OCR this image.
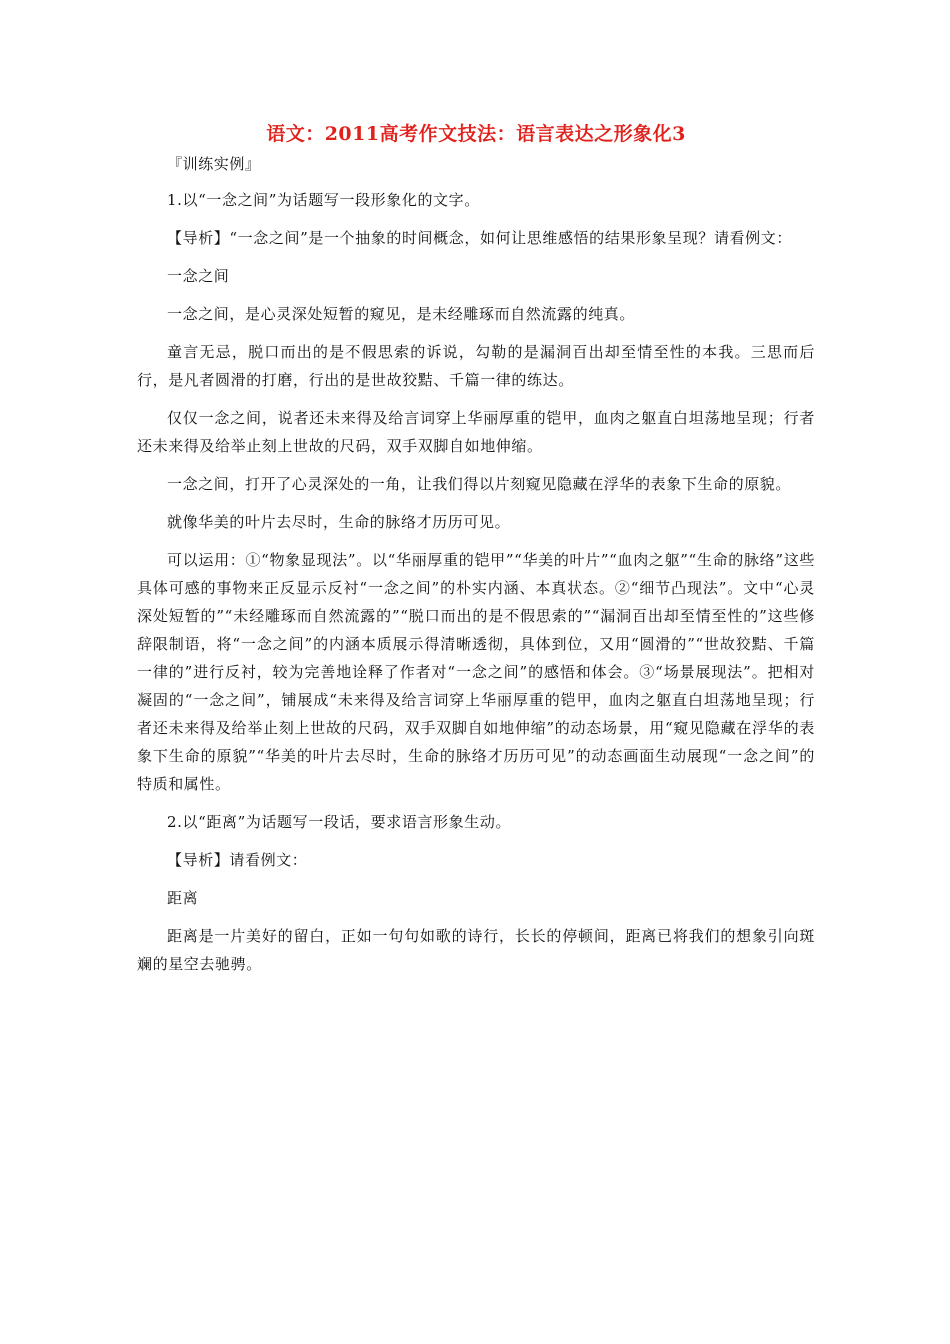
语文：2011高考作文技法：语言表达之形象化3

『训练实例』

1.以“一念之间”为话题写一段形象化的文字。

【导析】“一念之间”是一个抽象的时间概念，如何让思维感悟的结果形象呈现？请看例文：

一念之间

一念之间，是心灵深处短暂的窥见，是未经雕琢而自然流露的纯真。

童言无忌，脱口而出的是不假思索的诉说，勾勒的是漏洞百出却至情至性的本我。三思而后行，是凡者圆滑的打磨，行出的是世故狡黠、千篇一律的练达。

仅仅一念之间，说者还未来得及给言词穿上华丽厚重的铠甲，血肉之躯直白坦荡地呈现；行者还未来得及给举止刻上世故的尺码，双手双脚自如地伸缩。

一念之间，打开了心灵深处的一角，让我们得以片刻窥见隐藏在浮华的表象下生命的原貌。

就像华美的叶片去尽时，生命的脉络才历历可见。

可以运用：①“物象显现法”。以“华丽厚重的铠甲”“华美的叶片”“血肉之躯”“生命的脉络”这些具体可感的事物来正反显示反衬“一念之间”的朴实内涵、本真状态。②“细节凸现法”。文中“心灵深处短暂的”“未经雕琢而自然流露的”“脱口而出的是不假思索的”“漏洞百出却至情至性的”这些修辞限制语，将“一念之间”的内涵本质展示得清晰透彻，具体到位，又用“圆滑的”“世故狡黠、千篇一律的”进行反衬，较为完善地诠释了作者对“一念之间”的感悟和体会。③“场景展现法”。把相对凝固的“一念之间”，铺展成“未来得及给言词穿上华丽厚重的铠甲，血肉之躯直白坦荡地呈现；行者还未来得及给举止刻上世故的尺码，双手双脚自如地伸缩”的动态场景，用“窥见隐藏在浮华的表象下生命的原貌”“华美的叶片去尽时，生命的脉络才历历可见”的动态画面生动展现“一念之间”的特质和属性。

2.以“距离”为话题写一段话，要求语言形象生动。

【导析】请看例文：

距离

距离是一片美好的留白，正如一句句如歌的诗行，长长的停顿间，距离已将我们的想象引向斑斓的星空去驰骋。
